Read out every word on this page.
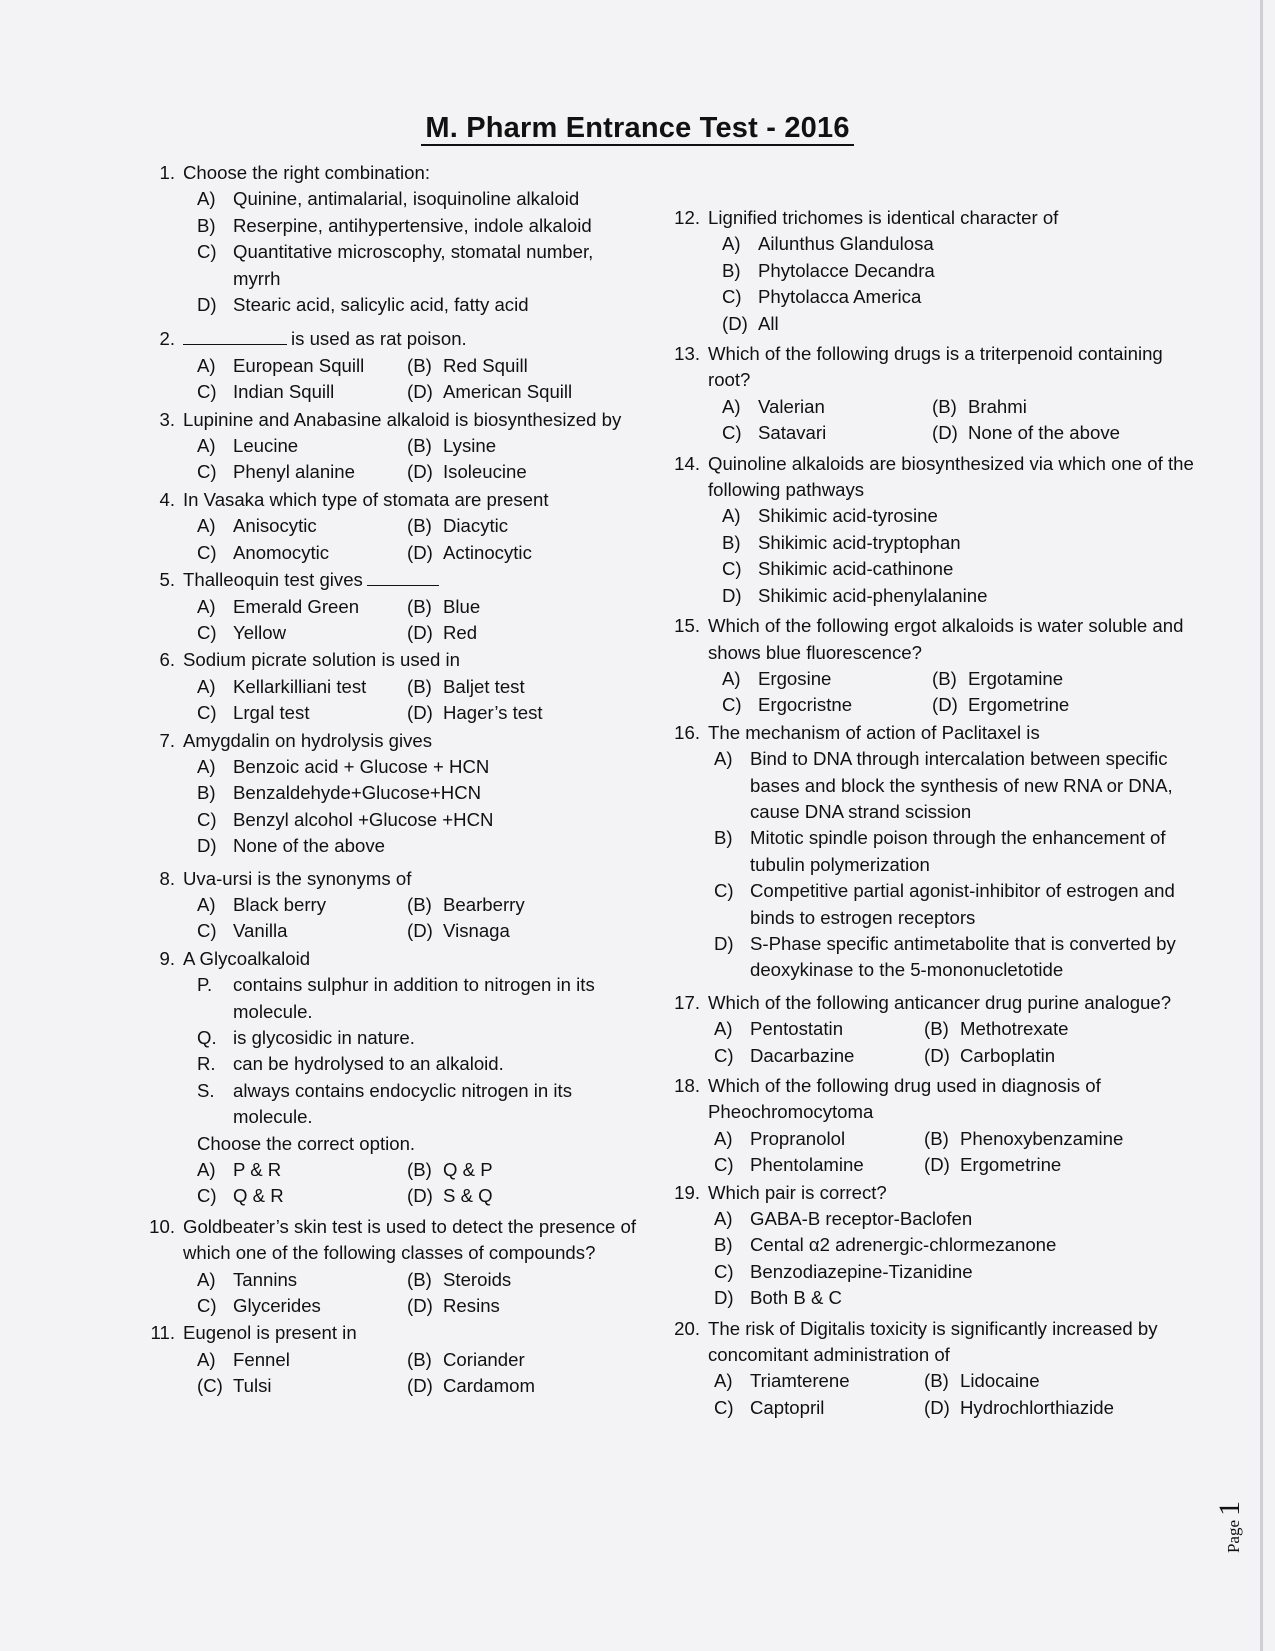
M. Pharm Entrance Test - 2016
1. Choose the right combination:
A) Quinine, antimalarial, isoquinoline alkaloid
B) Reserpine, antihypertensive, indole alkaloid
C) Quantitative microscophy, stomatal number, myrrh
D) Stearic acid, salicylic acid, fatty acid
2.	is used as rat poison.
A) European Squill	(B) Red Squill
C) Indian Squill	(D) American Squill
3. Lupinine and Anabasine alkaloid is biosynthesized by
A) Leucine	(B) Lysine
C) Phenyl alanine	(D) Isoleucine
4. In Vasaka which type of stomata are present
A) Anisocytic	(B) Diacytic
C) Anomocytic	(D) Actinocytic
5. Thalleoquin test gives
A) Emerald Green	(B) Blue
C) Yellow	(D) Red
6. Sodium picrate solution is used in
A) Kellarkilliani test	(B) Baljet test
C) Lrgal test	(D) Hager’s test
7. Amygdalin on hydrolysis gives
A) Benzoic acid + Glucose + HCN
B) Benzaldehyde+Glucose+HCN
C) Benzyl alcohol +Glucose +HCN
D) None of the above
8. Uva-ursi is the synonyms of
A) Black berry	(B) Bearberry
C) Vanilla	(D) Visnaga
9. A Glycoalkaloid
P.	contains sulphur in addition to nitrogen in its molecule.
Q. is glycosidic in nature.
R. can be hydrolysed to an alkaloid.
S. always contains endocyclic nitrogen in its molecule.
Choose the correct option.
A) P & R	(B) Q & P
C) Q & R	(D) S & Q
10. Goldbeater’s skin test is used to detect the presence of which one of the following classes of compounds?
A) Tannins	(B) Steroids
C) Glycerides	(D) Resins
11. Eugenol is present in
A) Fennel	(B) Coriander
(C) Tulsi	(D) Cardamom
12. Lignified trichomes is identical character of
A) Ailunthus Glandulosa
B) Phytolacce Decandra
C) Phytolacca America
(D) All
13. Which of the following drugs is a triterpenoid containing root?
A) Valerian	(B) Brahmi
C) Satavari	(D) None of the above
14. Quinoline alkaloids are biosynthesized via which one of the following pathways
A) Shikimic acid-tyrosine
B) Shikimic acid-tryptophan
C) Shikimic acid-cathinone
D) Shikimic acid-phenylalanine
15. Which of the following ergot alkaloids is water soluble and shows blue fluorescence?
A) Ergosine	(B) Ergotamine
C) Ergocristne	(D) Ergometrine
16. The mechanism of action of Paclitaxel is
A) Bind to DNA through intercalation between specific bases and block the synthesis of new RNA or DNA, cause DNA strand scission
B) Mitotic spindle poison through the enhancement of tubulin polymerization
C) Competitive partial agonist-inhibitor of estrogen and binds to estrogen receptors
D) S-Phase specific antimetabolite that is converted by deoxykinase to the 5-mononucletotide
17. Which of the following anticancer drug purine analogue?
A) Pentostatin	(B) Methotrexate
C) Dacarbazine	(D) Carboplatin
18. Which of the following drug used in diagnosis of Pheochromocytoma
A) Propranolol	(B) Phenoxybenzamine
C) Phentolamine	(D) Ergometrine
19. Which pair is correct?
A) GABA-B receptor-Baclofen
B) Cental α2 adrenergic-chlormezanone
C) Benzodiazepine-Tizanidine
D) Both B & C
20. The risk of Digitalis toxicity is significantly increased by concomitant administration of
A) Triamterene	(B) Lidocaine
C) Captopril	(D) Hydrochlorthiazide
Page1
